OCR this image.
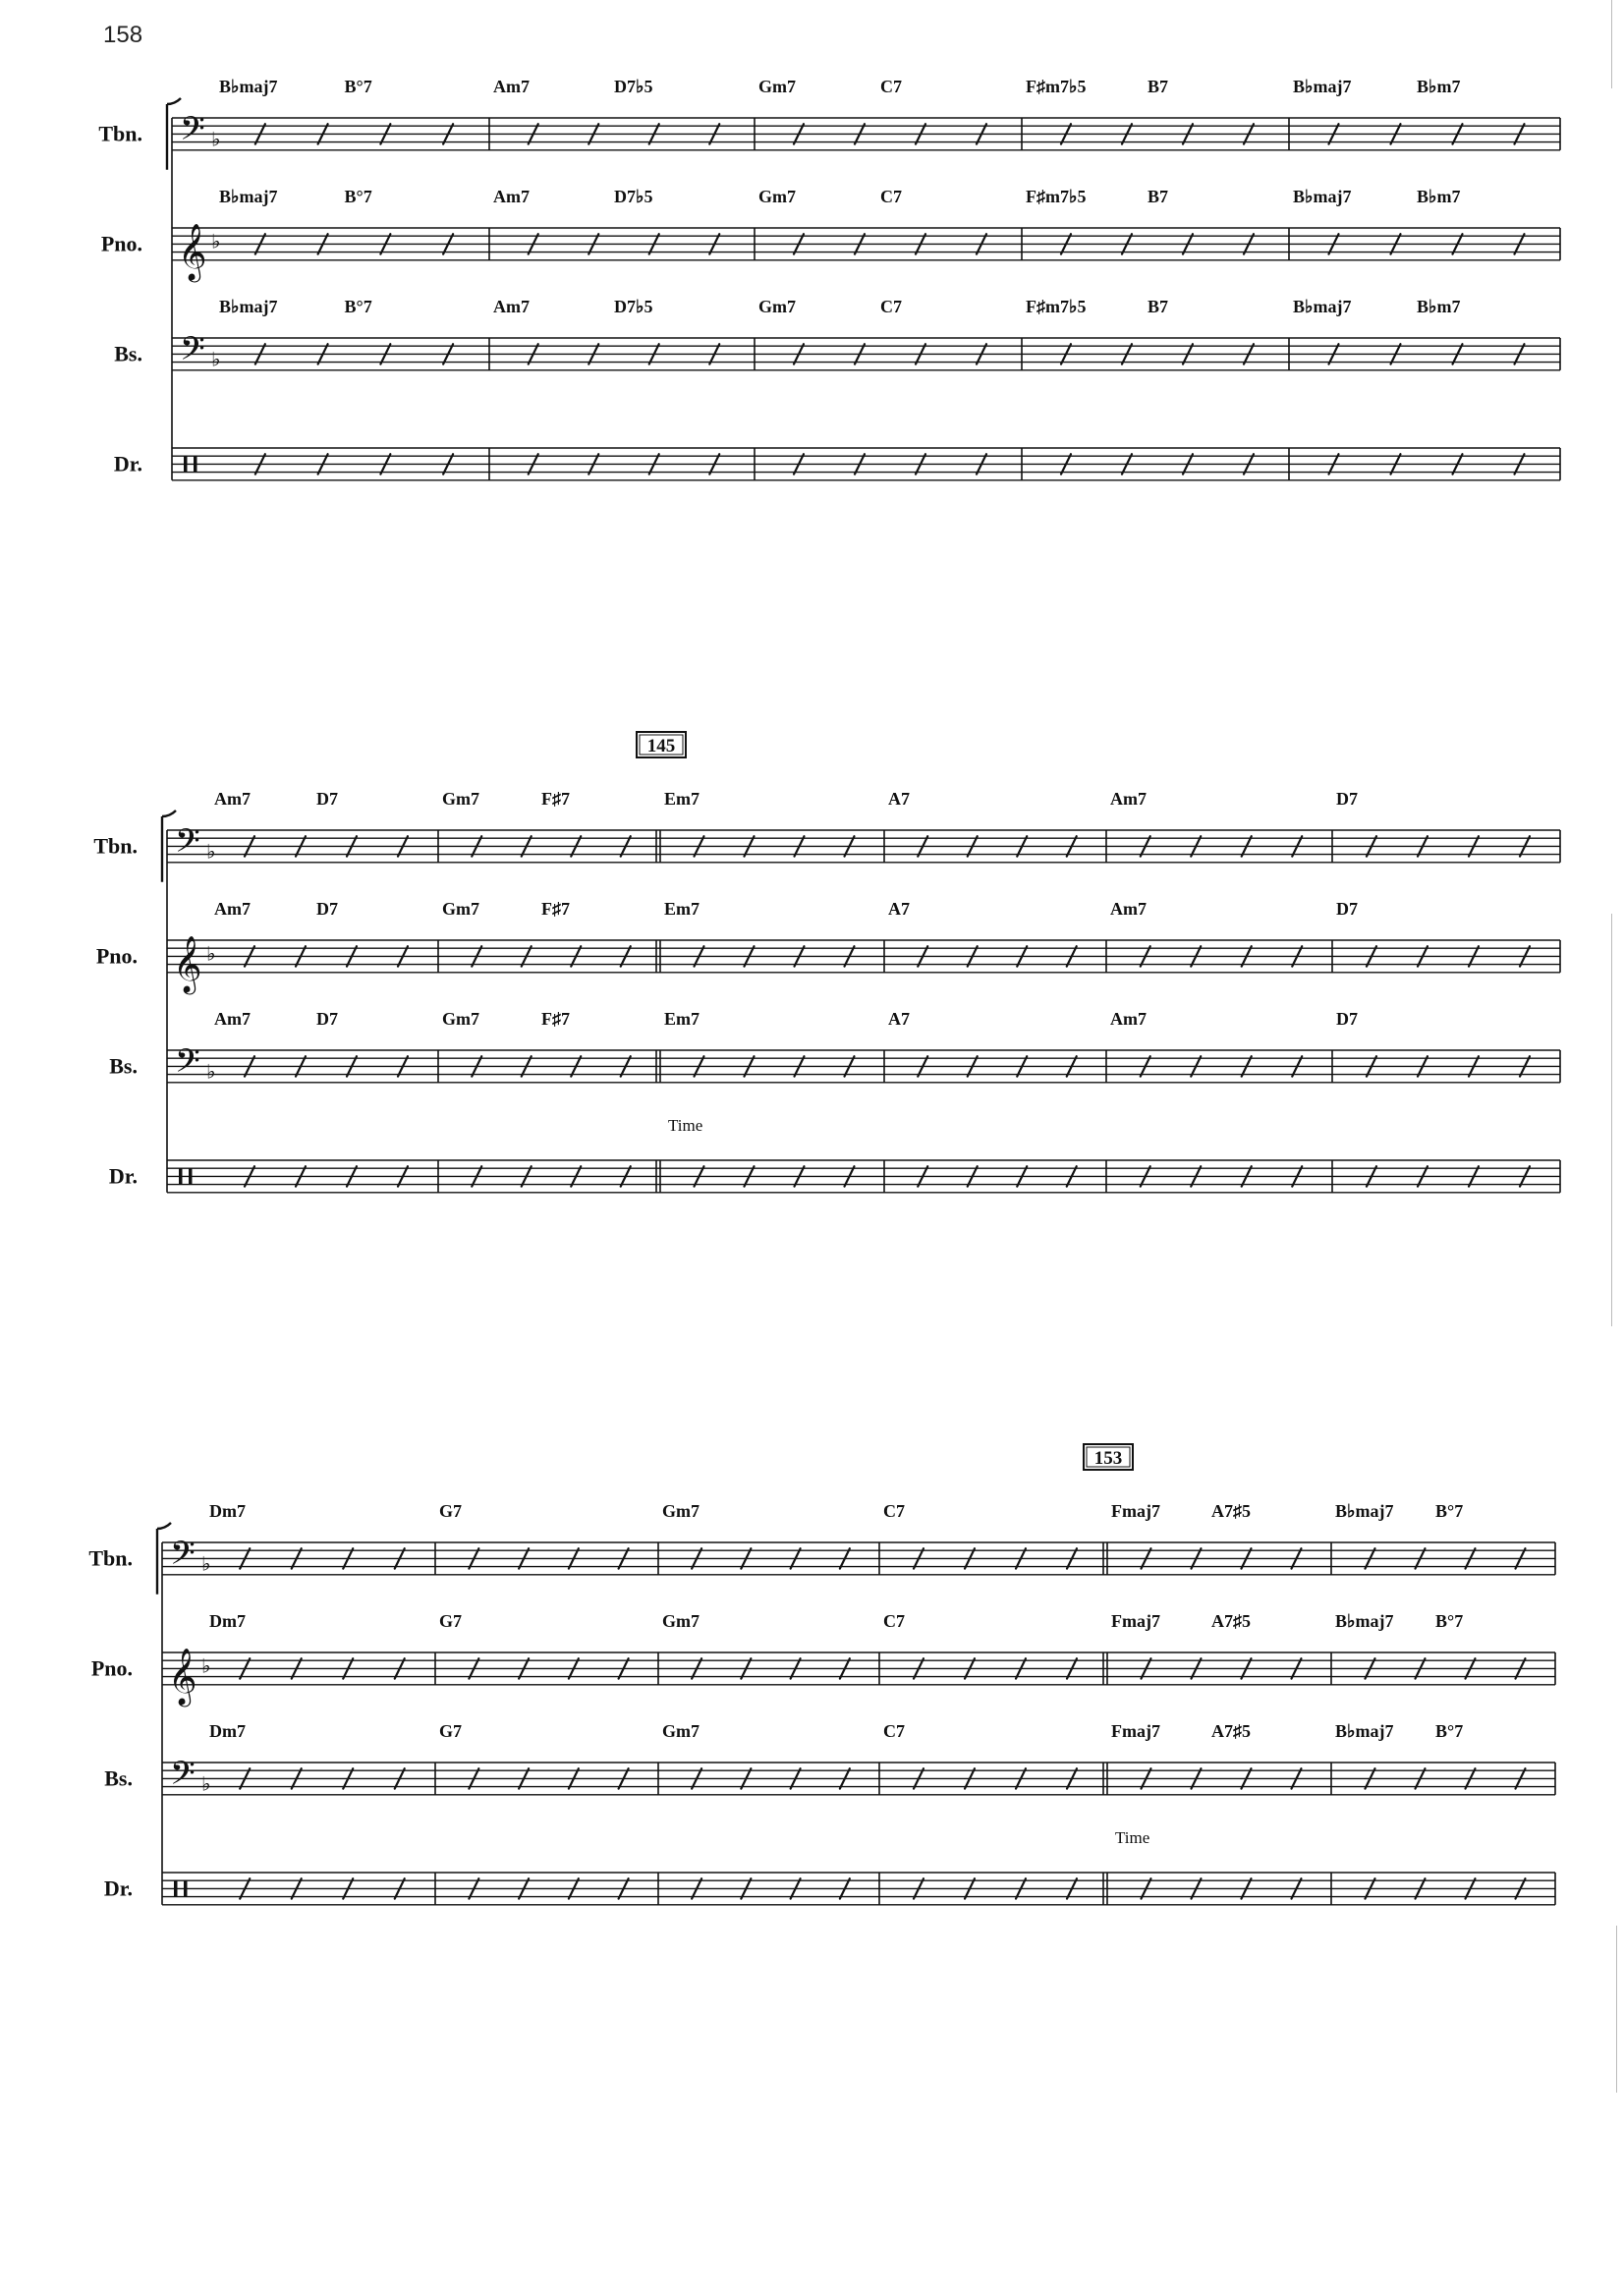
158
Tbn. 𝄢 ♭
B♭maj7	B°7	Am7	D7♭5	Gm7	C7	F♯m7♭5	B7	B♭maj7	B♭m7
Pno. 𝄞 ♭
B♭maj7	B°7	Am7	D7♭5	Gm7	C7	F♯m7♭5	B7	B♭maj7	B♭m7
Bs. 𝄢 ♭
B♭maj7	B°7	Am7	D7♭5	Gm7	C7	F♯m7♭5	B7	B♭maj7	B♭m7
Dr.
145
Tbn. 𝄢 ♭
Am7	D7	Gm7	F♯7	Em7	A7	Am7	D7
Pno. 𝄞 ♭
Am7	D7	Gm7	F♯7	Em7	A7	Am7	D7
Bs. 𝄢 ♭
Am7	D7	Gm7	F♯7	Em7	A7	Am7	D7
Dr.
Time
153
Tbn. 𝄢 ♭
Dm7	G7	Gm7	C7	Fmaj7	A7♯5	B♭maj7 B°7
Pno. 𝄞 ♭
Dm7	G7	Gm7	C7	Fmaj7	A7♯5	B♭maj7 B°7
Bs. 𝄢 ♭
Dm7	G7	Gm7	C7	Fmaj7	A7♯5	B♭maj7 B°7
Dr.
Time
